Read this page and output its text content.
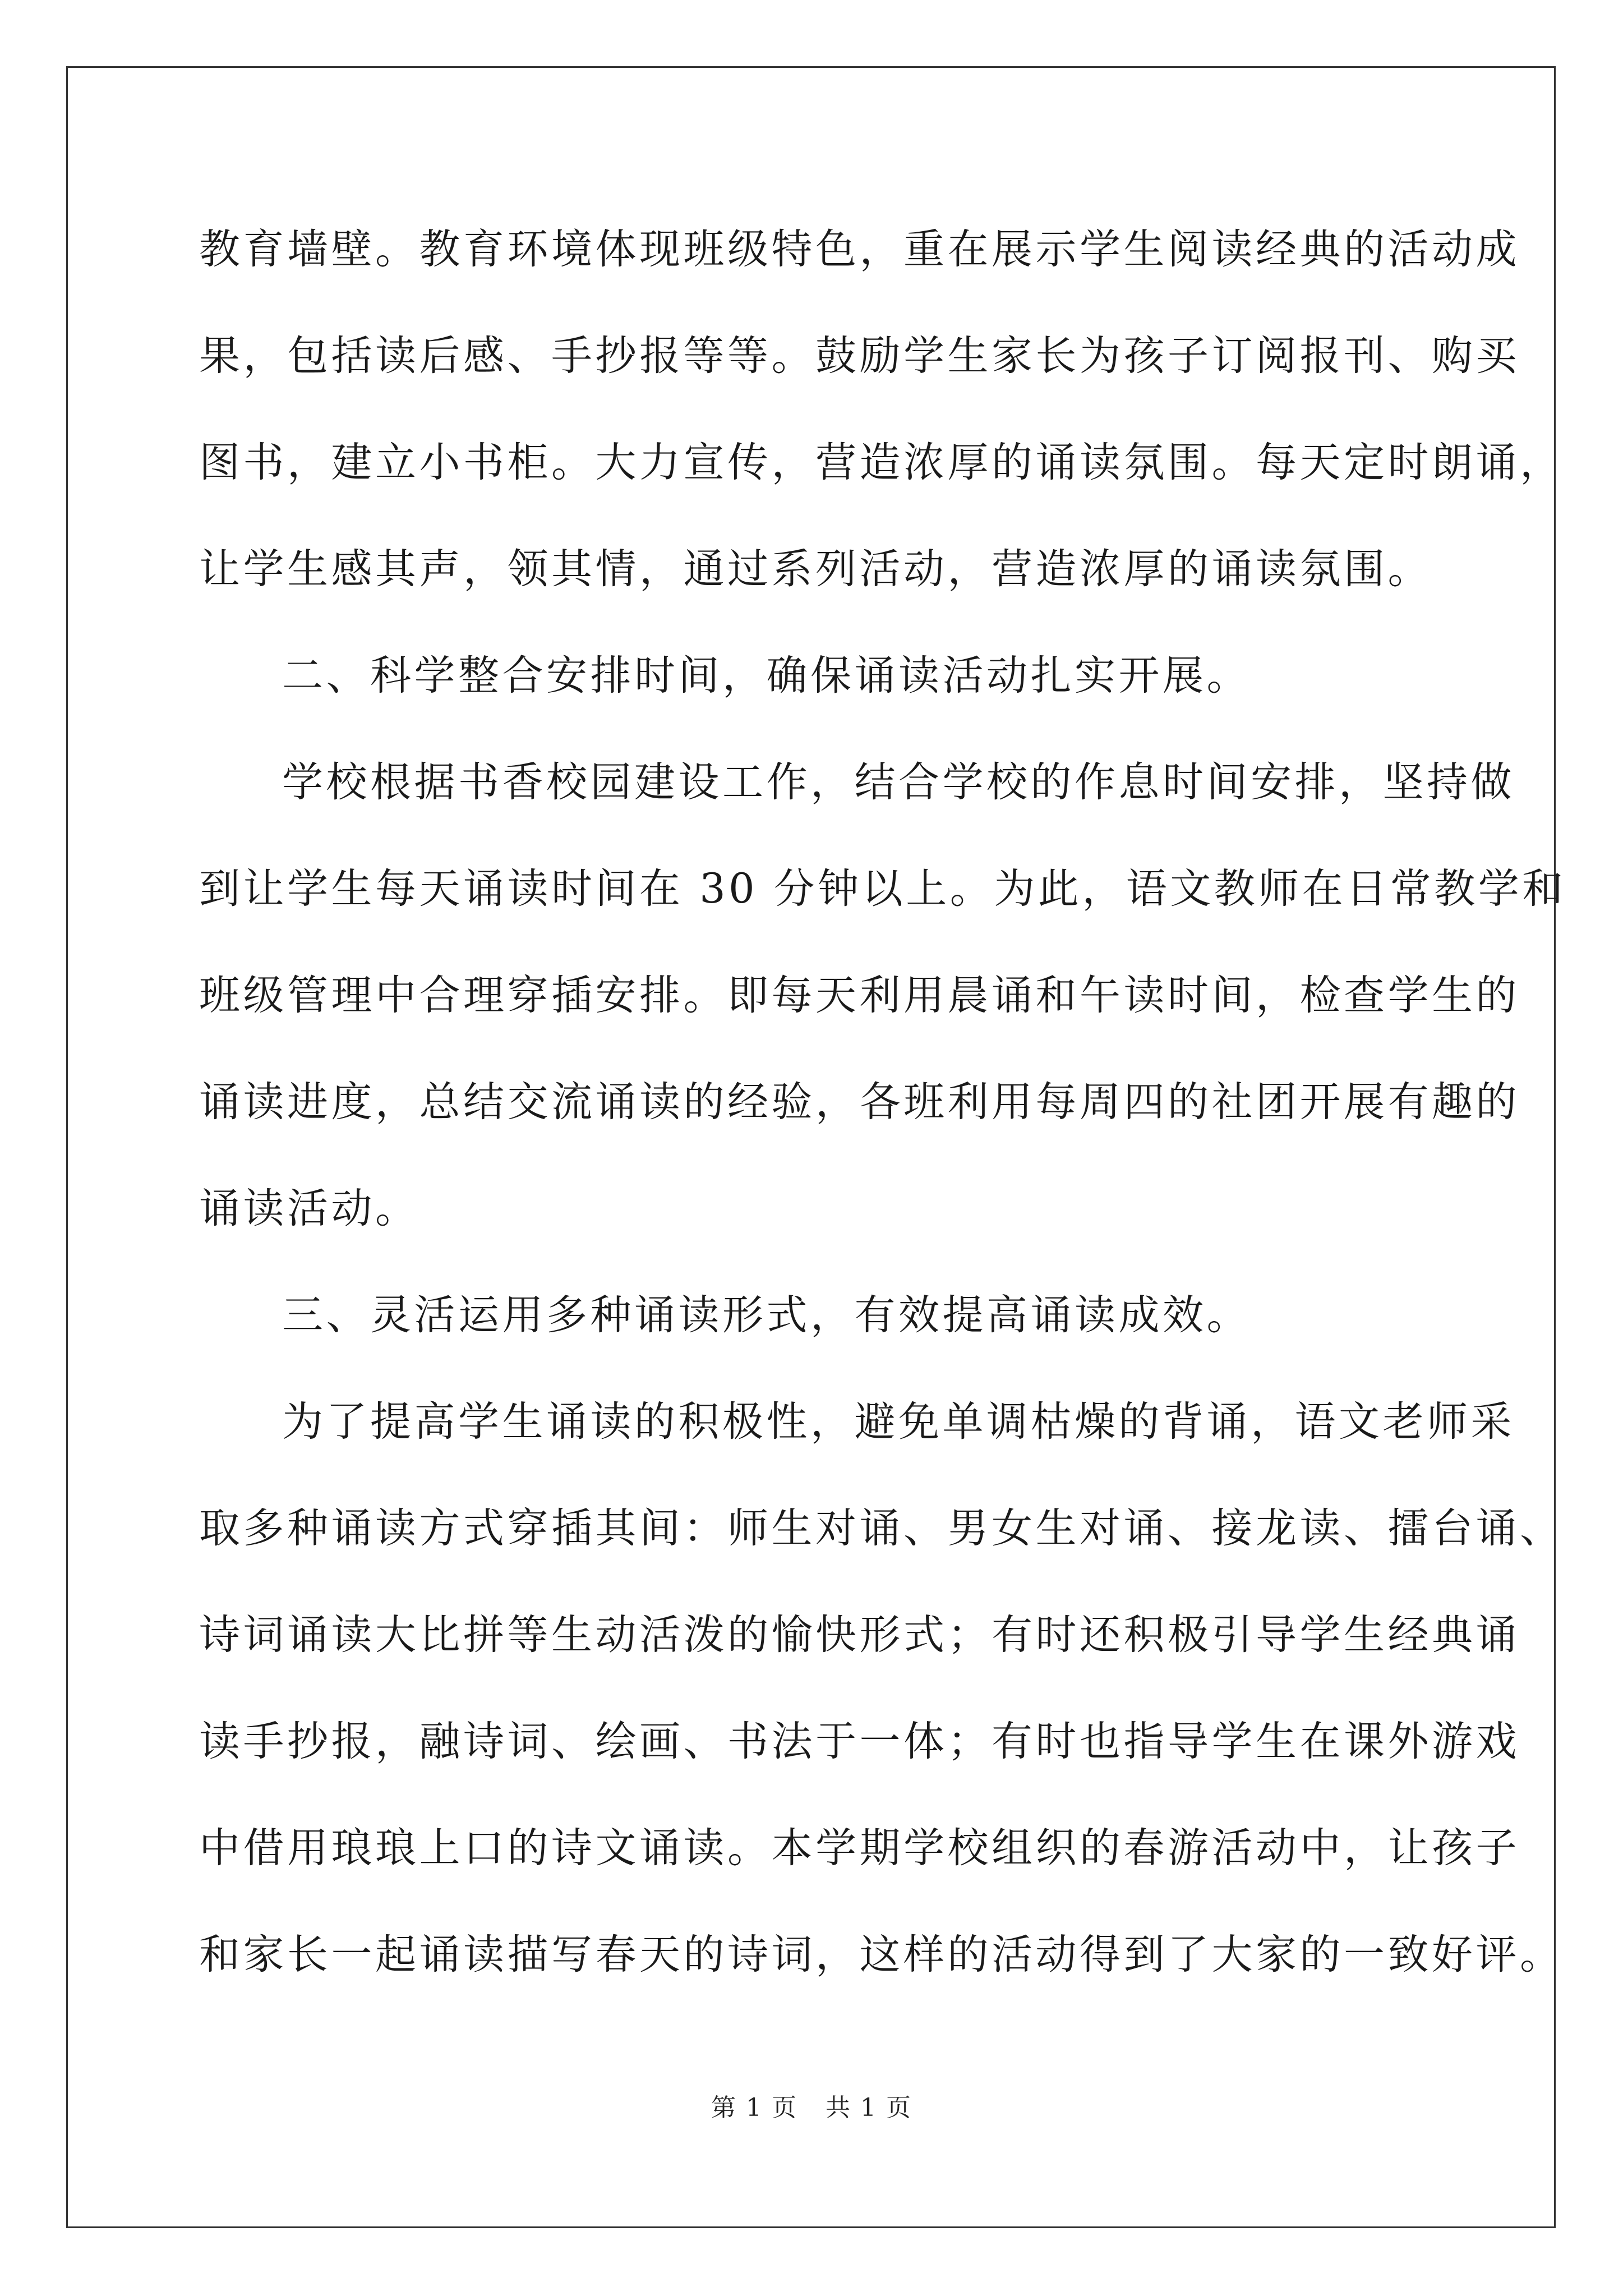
教育墙壁。教育环境体现班级特色，重在展示学生阅读经典的活动成
果，包括读后感、手抄报等等。鼓励学生家长为孩子订阅报刊、购买
图书，建立小书柜。大力宣传，营造浓厚的诵读氛围。每天定时朗诵，
让学生感其声，领其情，通过系列活动，营造浓厚的诵读氛围。
二、科学整合安排时间，确保诵读活动扎实开展。
学校根据书香校园建设工作，结合学校的作息时间安排，坚持做
到让学生每天诵读时间在 30 分钟以上。为此，语文教师在日常教学和
班级管理中合理穿插安排。即每天利用晨诵和午读时间，检查学生的
诵读进度，总结交流诵读的经验，各班利用每周四的社团开展有趣的
诵读活动。
三、灵活运用多种诵读形式，有效提高诵读成效。
为了提高学生诵读的积极性，避免单调枯燥的背诵，语文老师采
取多种诵读方式穿插其间：师生对诵、男女生对诵、接龙读、擂台诵、
诗词诵读大比拼等生动活泼的愉快形式；有时还积极引导学生经典诵
读手抄报，融诗词、绘画、书法于一体；有时也指导学生在课外游戏
中借用琅琅上口的诗文诵读。本学期学校组织的春游活动中，让孩子
和家长一起诵读描写春天的诗词，这样的活动得到了大家的一致好评。
第 1 页 共 1 页
